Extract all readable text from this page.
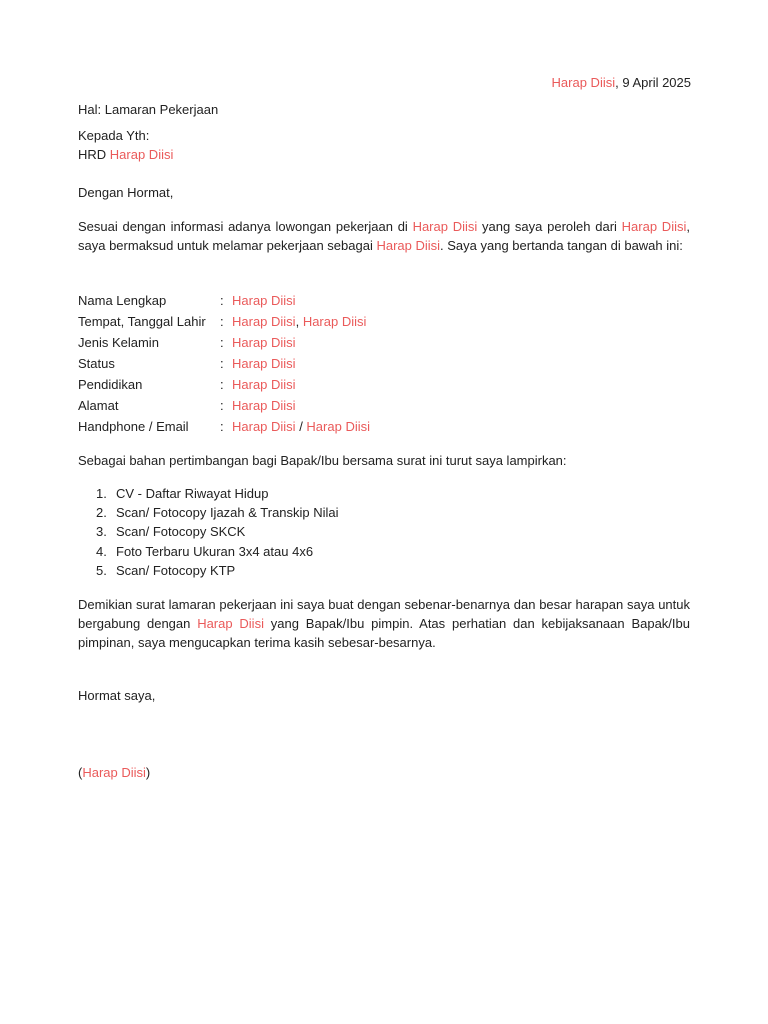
Harap Diisi, 9 April 2025
Hal: Lamaran Pekerjaan
Kepada Yth:
HRD Harap Diisi
Dengan Hormat,
Sesuai dengan informasi adanya lowongan pekerjaan di Harap Diisi yang saya peroleh dari Harap Diisi, saya bermaksud untuk melamar pekerjaan sebagai Harap Diisi. Saya yang bertanda tangan di bawah ini:
Nama Lengkap	:	Harap Diisi
Tempat, Tanggal Lahir	:	Harap Diisi, Harap Diisi
Jenis Kelamin	:	Harap Diisi
Status	:	Harap Diisi
Pendidikan	:	Harap Diisi
Alamat	:	Harap Diisi
Handphone / Email	:	Harap Diisi / Harap Diisi
Sebagai bahan pertimbangan bagi Bapak/Ibu bersama surat ini turut saya lampirkan:
1. CV - Daftar Riwayat Hidup
2. Scan/ Fotocopy Ijazah & Transkip Nilai
3. Scan/ Fotocopy SKCK
4. Foto Terbaru Ukuran 3x4 atau 4x6
5. Scan/ Fotocopy KTP
Demikian surat lamaran pekerjaan ini saya buat dengan sebenar-benarnya dan besar harapan saya untuk bergabung dengan Harap Diisi yang Bapak/Ibu pimpin. Atas perhatian dan kebijaksanaan Bapak/Ibu pimpinan, saya mengucapkan terima kasih sebesar-besarnya.
Hormat saya,
(Harap Diisi)
